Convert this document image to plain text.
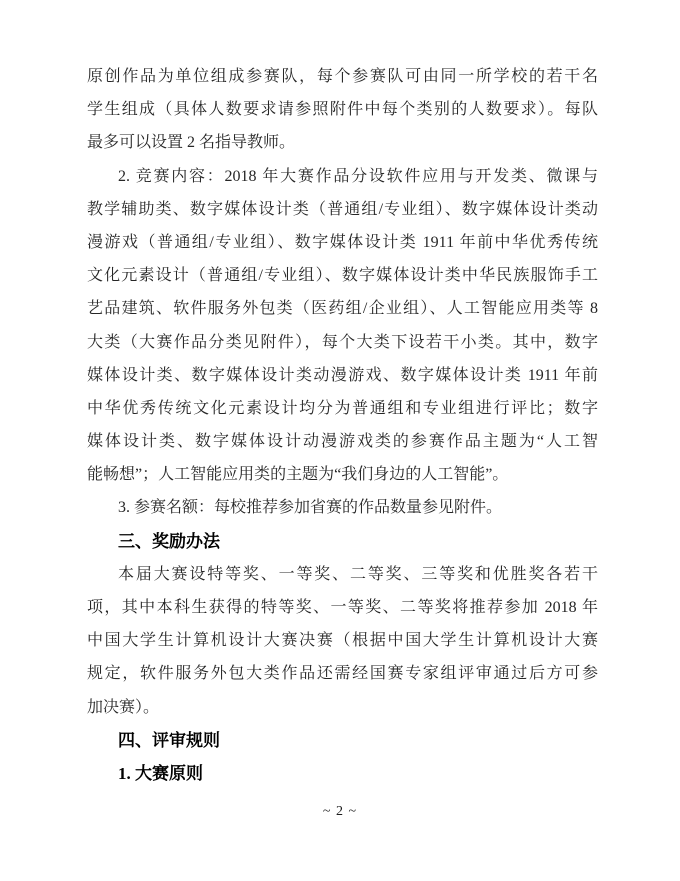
原创作品为单位组成参赛队，每个参赛队可由同一所学校的若干名
学生组成（具体人数要求请参照附件中每个类别的人数要求）。每队
最多可以设置 2 名指导教师。
2. 竞赛内容：2018 年大赛作品分设软件应用与开发类、微课与
教学辅助类、数字媒体设计类（普通组/专业组）、数字媒体设计类动
漫游戏（普通组/专业组）、数字媒体设计类 1911 年前中华优秀传统
文化元素设计（普通组/专业组）、数字媒体设计类中华民族服饰手工
艺品建筑、软件服务外包类（医药组/企业组）、人工智能应用类等 8
大类（大赛作品分类见附件），每个大类下设若干小类。其中，数字
媒体设计类、数字媒体设计类动漫游戏、数字媒体设计类 1911 年前
中华优秀传统文化元素设计均分为普通组和专业组进行评比；数字
媒体设计类、数字媒体设计动漫游戏类的参赛作品主题为“人工智
能畅想”；人工智能应用类的主题为“我们身边的人工智能”。
3. 参赛名额：每校推荐参加省赛的作品数量参见附件。
三、奖励办法
本届大赛设特等奖、一等奖、二等奖、三等奖和优胜奖各若干
项，其中本科生获得的特等奖、一等奖、二等奖将推荐参加 2018 年
中国大学生计算机设计大赛决赛（根据中国大学生计算机设计大赛
规定，软件服务外包大类作品还需经国赛专家组评审通过后方可参
加决赛）。
四、评审规则
1. 大赛原则
~ 2 ~
